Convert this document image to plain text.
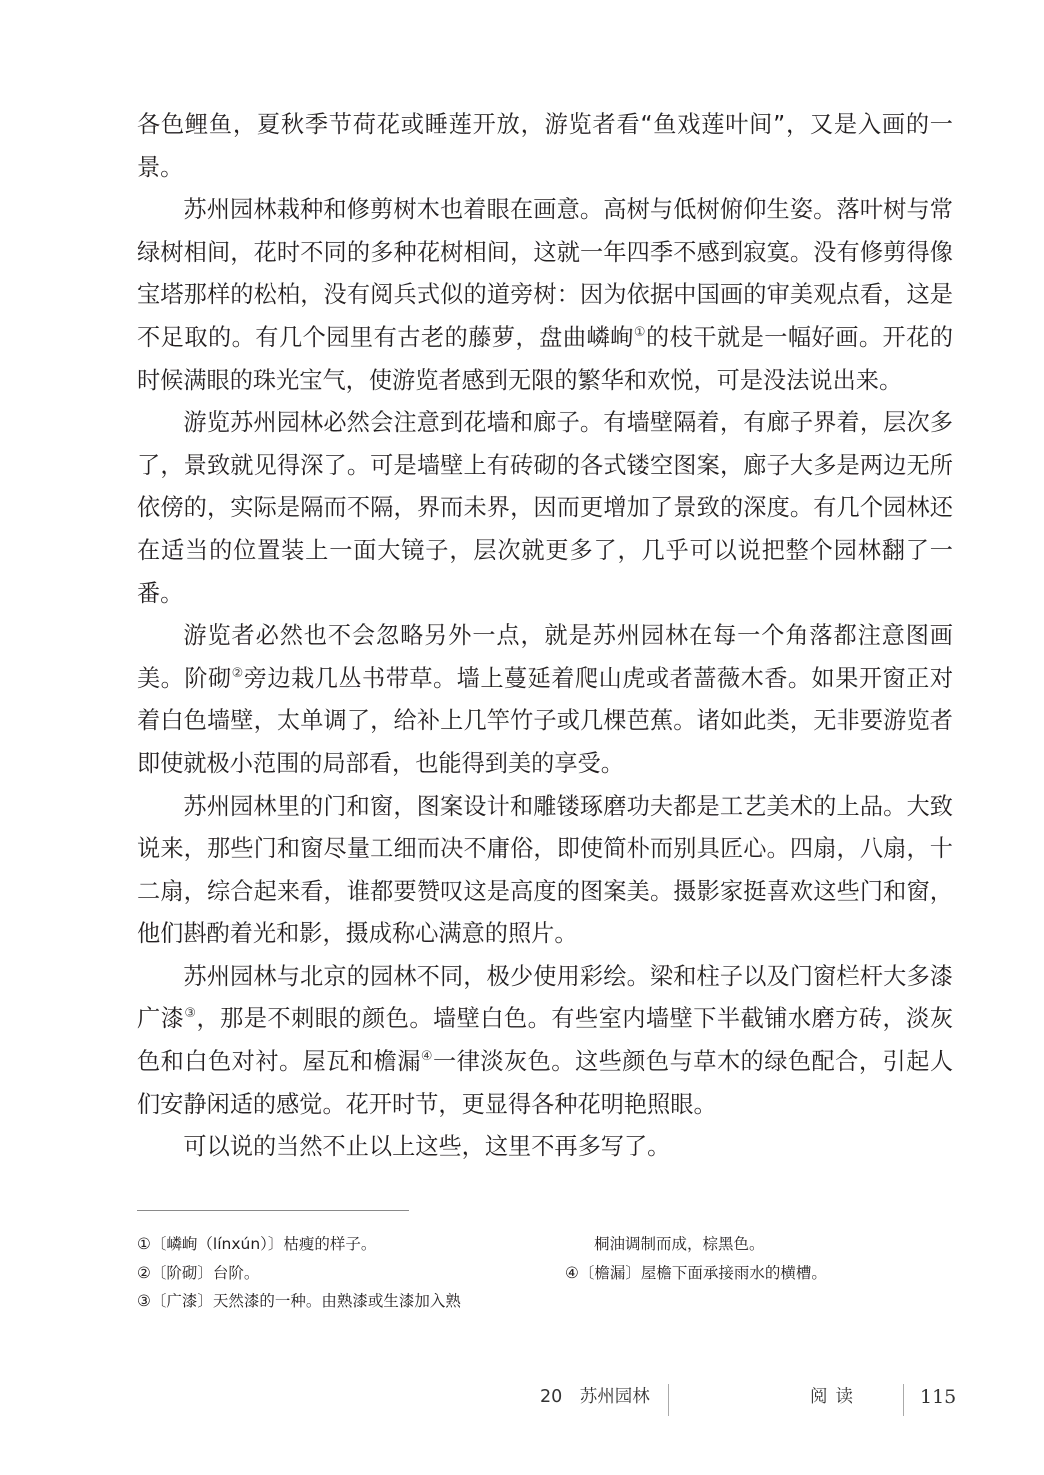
各色鲤鱼，夏秋季节荷花或睡莲开放，游览者看“鱼戏莲叶间”，又是入画的一景。

苏州园林栽种和修剪树木也着眼在画意。高树与低树俯仰生姿。落叶树与常绿树相间，花时不同的多种花树相间，这就一年四季不感到寂寞。没有修剪得像宝塔那样的松柏，没有阅兵式似的道旁树：因为依据中国画的审美观点看，这是不足取的。有几个园里有古老的藤萝，盘曲嶙峋①的枝干就是一幅好画。开花的时候满眼的珠光宝气，使游览者感到无限的繁华和欢悦，可是没法说出来。

游览苏州园林必然会注意到花墙和廊子。有墙壁隔着，有廊子界着，层次多了，景致就见得深了。可是墙壁上有砖砌的各式镂空图案，廊子大多是两边无所依傍的，实际是隔而不隔，界而未界，因而更增加了景致的深度。有几个园林还在适当的位置装上一面大镜子，层次就更多了，几乎可以说把整个园林翻了一番。

游览者必然也不会忽略另外一点，就是苏州园林在每一个角落都注意图画美。阶砌②旁边栽几丛书带草。墙上蔓延着爬山虎或者蔷薇木香。如果开窗正对着白色墙壁，太单调了，给补上几竿竹子或几棵芭蕉。诸如此类，无非要游览者即使就极小范围的局部看，也能得到美的享受。

苏州园林里的门和窗，图案设计和雕镂琢磨功夫都是工艺美术的上品。大致说来，那些门和窗尽量工细而决不庸俗，即使简朴而别具匠心。四扇，八扇，十二扇，综合起来看，谁都要赞叹这是高度的图案美。摄影家挺喜欢这些门和窗，他们斟酌着光和影，摄成称心满意的照片。

苏州园林与北京的园林不同，极少使用彩绘。梁和柱子以及门窗栏杆大多漆广漆③，那是不刺眼的颜色。墙壁白色。有些室内墙壁下半截铺水磨方砖，淡灰色和白色对衬。屋瓦和檐漏④一律淡灰色。这些颜色与草木的绿色配合，引起人们安静闲适的感觉。花开时节，更显得各种花明艳照眼。

可以说的当然不止以上这些，这里不再多写了。

①〔嶙峋（línxún）〕枯瘦的样子。
②〔阶砌〕台阶。
③〔广漆〕天然漆的一种。由熟漆或生漆加入熟
桐油调制而成，棕黑色。
④〔檐漏〕屋檐下面承接雨水的横槽。
20　苏州园林	阅读	115
